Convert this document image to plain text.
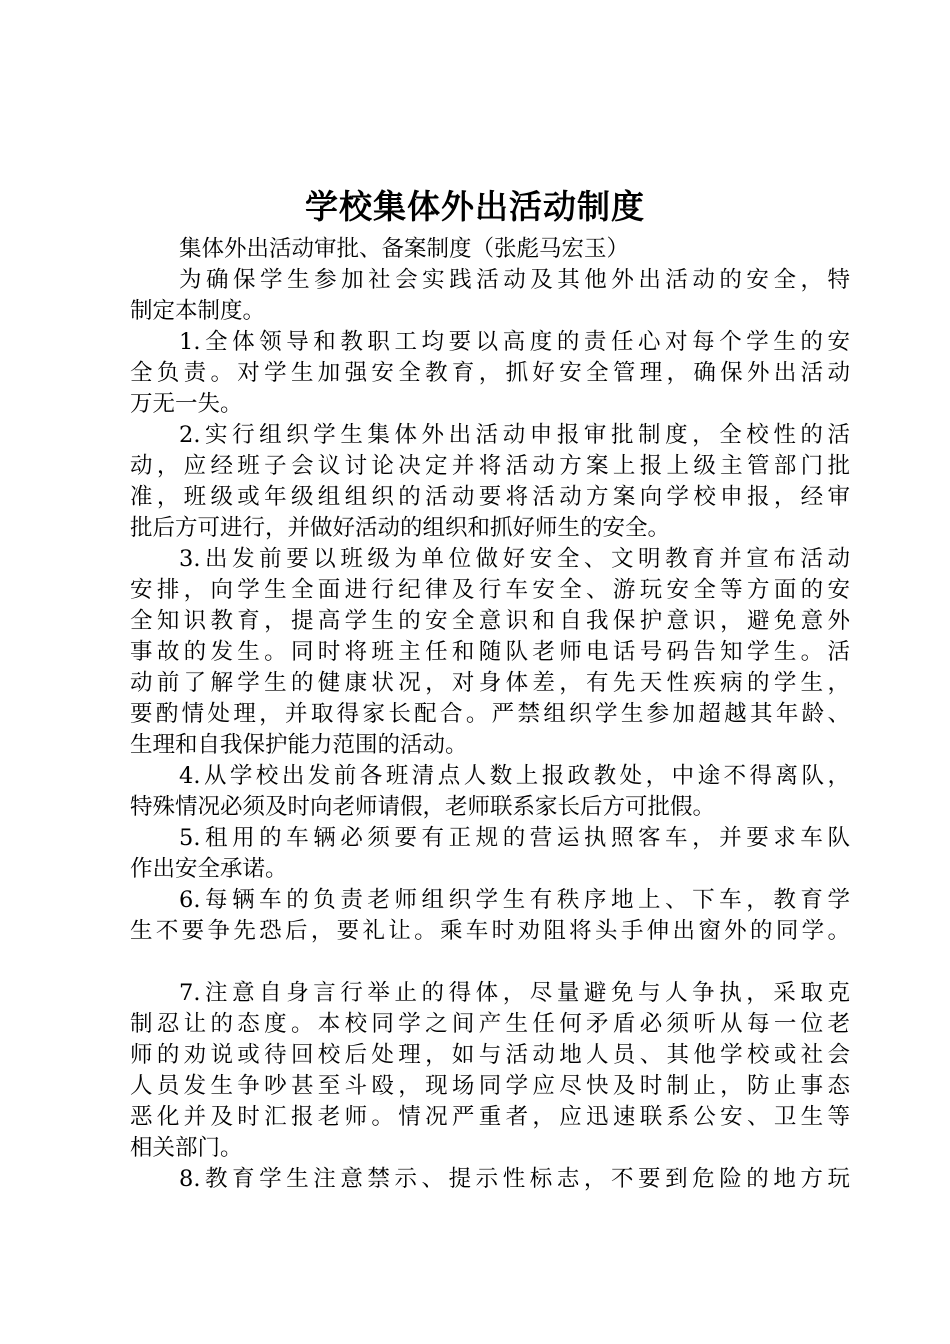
学校集体外出活动制度
集体外出活动审批、备案制度（张彪马宏玉）
为确保学生参加社会实践活动及其他外出活动的安全，特
制定本制度。
1.全体领导和教职工均要以高度的责任心对每个学生的安
全负责。对学生加强安全教育，抓好安全管理，确保外出活动
万无一失。
2.实行组织学生集体外出活动申报审批制度，全校性的活
动，应经班子会议讨论决定并将活动方案上报上级主管部门批
准，班级或年级组组织的活动要将活动方案向学校申报，经审
批后方可进行，并做好活动的组织和抓好师生的安全。
3.出发前要以班级为单位做好安全、文明教育并宣布活动
安排，向学生全面进行纪律及行车安全、游玩安全等方面的安
全知识教育，提高学生的安全意识和自我保护意识，避免意外
事故的发生。同时将班主任和随队老师电话号码告知学生。活
动前了解学生的健康状况，对身体差，有先天性疾病的学生，
要酌情处理，并取得家长配合。严禁组织学生参加超越其年龄、
生理和自我保护能力范围的活动。
4.从学校出发前各班清点人数上报政教处，中途不得离队，
特殊情况必须及时向老师请假，老师联系家长后方可批假。
5.租用的车辆必须要有正规的营运执照客车，并要求车队
作出安全承诺。
6.每辆车的负责老师组织学生有秩序地上、下车，教育学
生不要争先恐后，要礼让。乘车时劝阻将头手伸出窗外的同学。
7.注意自身言行举止的得体，尽量避免与人争执，采取克
制忍让的态度。本校同学之间产生任何矛盾必须听从每一位老
师的劝说或待回校后处理，如与活动地人员、其他学校或社会
人员发生争吵甚至斗殴，现场同学应尽快及时制止，防止事态
恶化并及时汇报老师。情况严重者，应迅速联系公安、卫生等
相关部门。
8.教育学生注意禁示、提示性标志，不要到危险的地方玩
